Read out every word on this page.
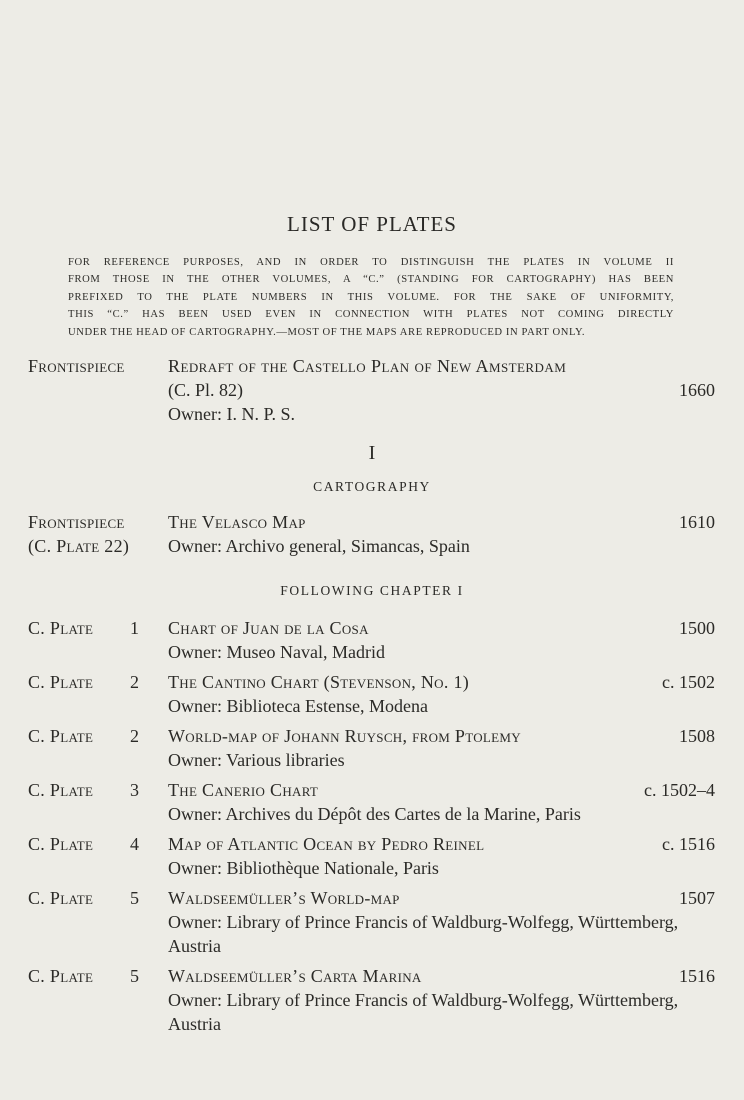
LIST OF PLATES
FOR REFERENCE PURPOSES, AND IN ORDER TO DISTINGUISH THE PLATES IN VOLUME II
FROM THOSE IN THE OTHER VOLUMES, A “C.” (STANDING FOR CARTOGRAPHY) HAS BEEN
PREFIXED TO THE PLATE NUMBERS IN THIS VOLUME. FOR THE SAKE OF UNIFORMITY,
THIS “C.” HAS BEEN USED EVEN IN CONNECTION WITH PLATES NOT COMING DIRECTLY
UNDER THE HEAD OF CARTOGRAPHY.—MOST OF THE MAPS ARE REPRODUCED IN PART ONLY.
Frontispiece Redraft of the Castello Plan of New Amsterdam
(C. Pl. 82)	1660
Owner: I. N. P. S.
I
CARTOGRAPHY
Frontispiece The Velasco Map	1610
(C. Plate 22) Owner: Archivo general, Simancas, Spain
FOLLOWING CHAPTER I
C. Plate 1 Chart of Juan de la Cosa	1500
Owner: Museo Naval, Madrid
C. Plate 2 The Cantino Chart (Stevenson, No. 1)	c. 1502
Owner: Biblioteca Estense, Modena
C. Plate 2 World-map of Johann Ruysch, from Ptolemy	1508
Owner: Various libraries
C. Plate 3 The Canerio Chart	c. 1502–4
Owner: Archives du Dépôt des Cartes de la Marine, Paris
C. Plate 4 Map of Atlantic Ocean by Pedro Reinel	c. 1516
Owner: Bibliothèque Nationale, Paris
C. Plate 5 Waldseemüller’s World-map	1507
Owner: Library of Prince Francis of Waldburg-Wolfegg, Württemberg, Austria
C. Plate 5 Waldseemüller’s Carta Marina	1516
Owner: Library of Prince Francis of Waldburg-Wolfegg, Württemberg, Austria
